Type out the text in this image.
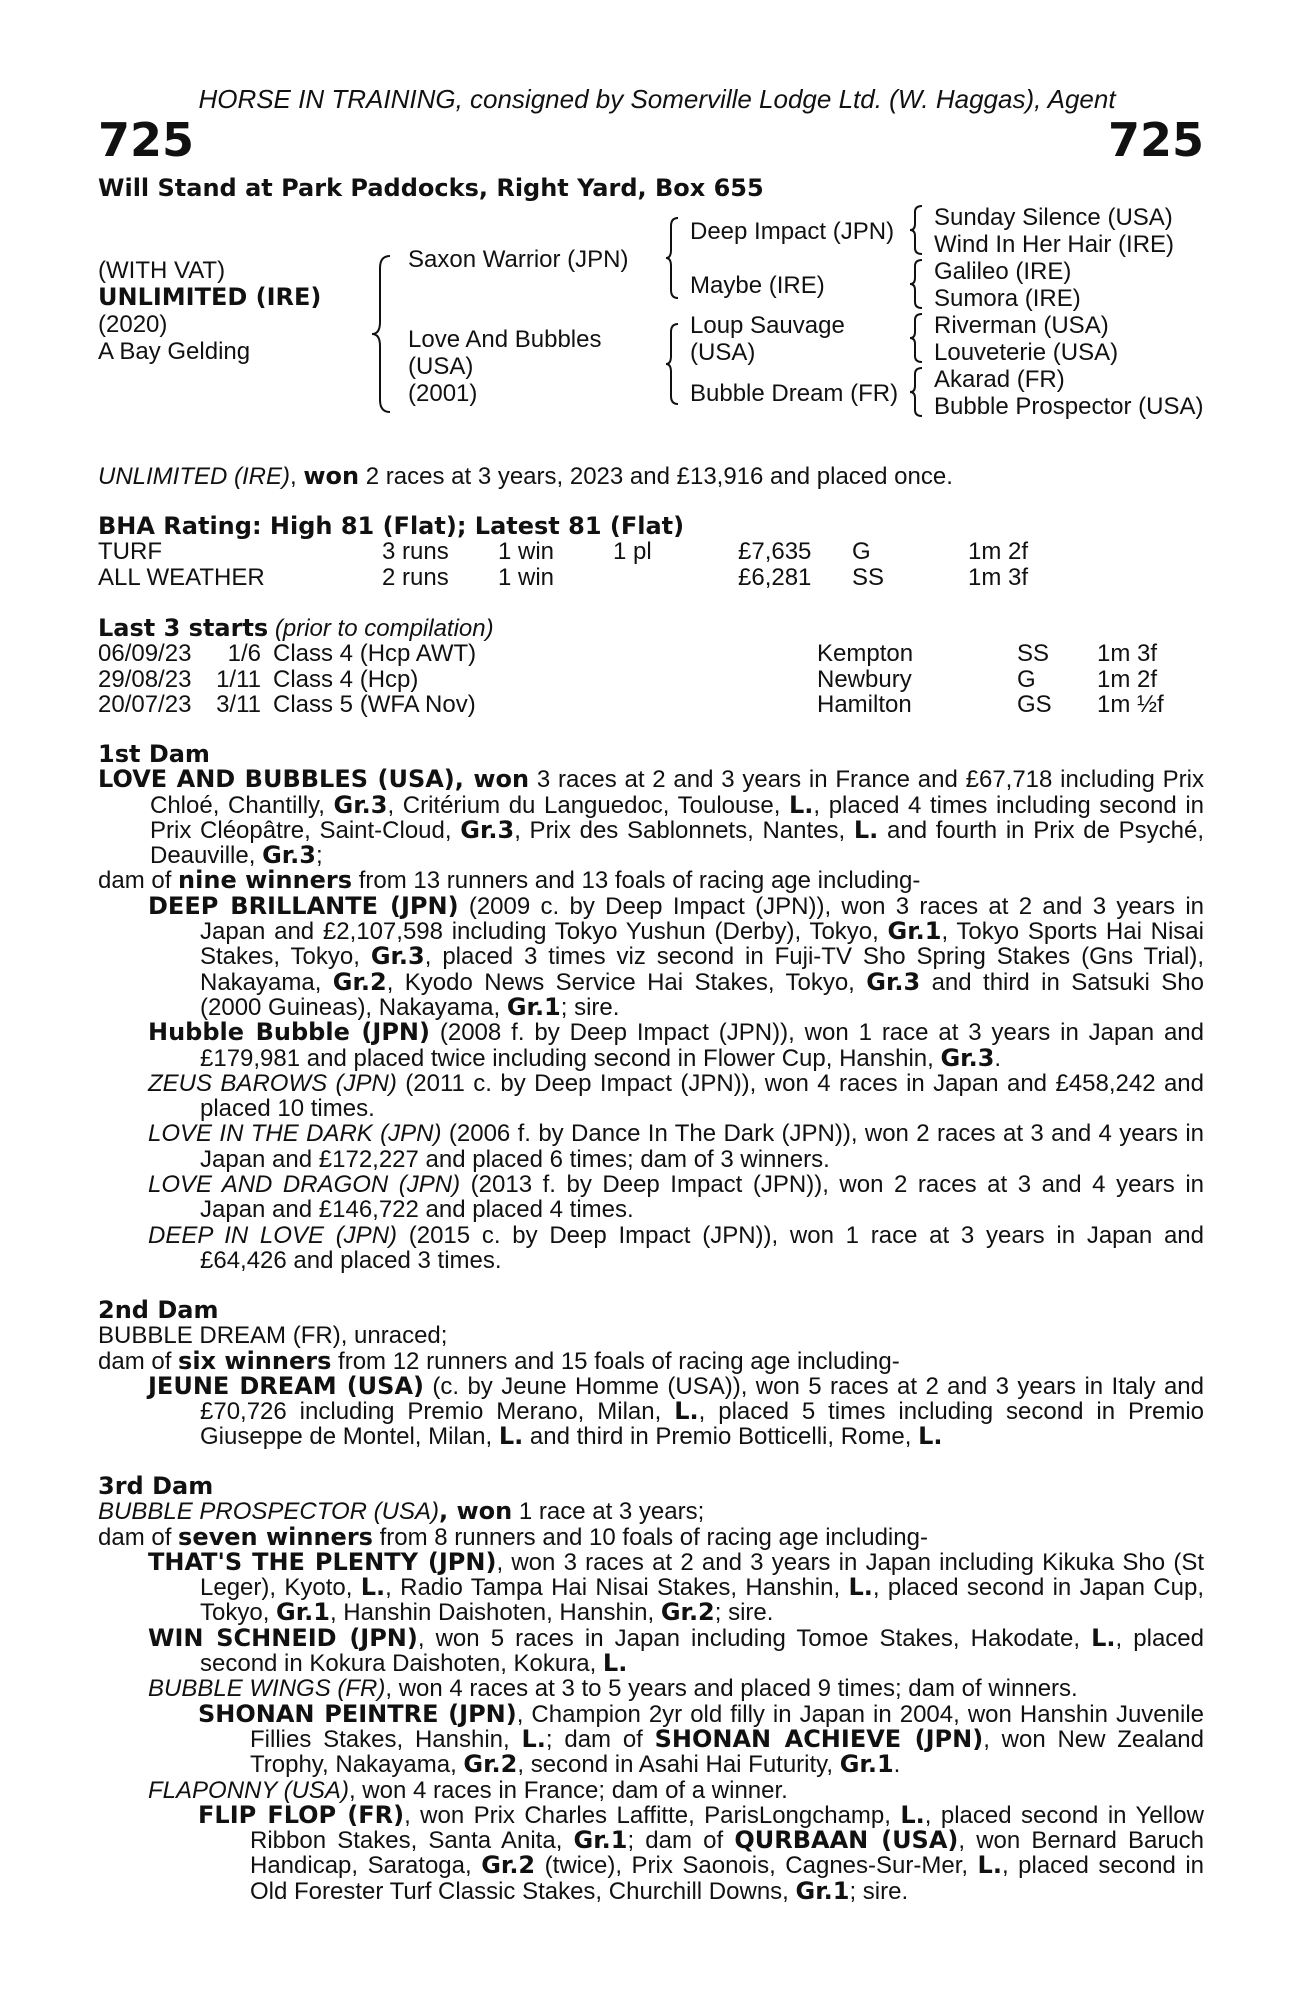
HORSE IN TRAINING, consigned by Somerville Lodge Ltd. (W. Haggas), Agent
725	725
Will Stand at Park Paddocks, Right Yard, Box 655
(WITH VAT)
UNLIMITED (IRE)
(2020)
A Bay Gelding
Saxon Warrior (JPN)
Love And Bubbles
(USA)
(2001)
Deep Impact (JPN)
Maybe (IRE)
Loup Sauvage
(USA)
Bubble Dream (FR)
Sunday Silence (USA)
Wind In Her Hair (IRE)
Galileo (IRE)
Sumora (IRE)
Riverman (USA)
Louveterie (USA)
Akarad (FR)
Bubble Prospector (USA)
UNLIMITED (IRE), won 2 races at 3 years, 2023 and £13,916 and placed once.
BHA Rating: High 81 (Flat); Latest 81 (Flat)
TURF	3 runs	1 win	1 pl	£7,635	G	1m 2f
ALL WEATHER	2 runs	1 win		£6,281	SS	1m 3f
Last 3 starts (prior to compilation)
06/09/23	1/6	Class 4 (Hcp AWT)	Kempton	SS	1m 3f
29/08/23	1/11	Class 4 (Hcp)	Newbury	G	1m 2f
20/07/23	3/11	Class 5 (WFA Nov)	Hamilton	GS	1m ½f
1st Dam

LOVE AND BUBBLES (USA), won 3 races at 2 and 3 years in France and £67,718 including Prix Chloé, Chantilly, Gr.3, Critérium du Languedoc, Toulouse, L., placed 4 times including second in Prix Cléopâtre, Saint-Cloud, Gr.3, Prix des Sablonnets, Nantes, L. and fourth in Prix de Psyché, Deauville, Gr.3;

dam of nine winners from 13 runners and 13 foals of racing age including-

DEEP BRILLANTE (JPN) (2009 c. by Deep Impact (JPN)), won 3 races at 2 and 3 years in Japan and £2,107,598 including Tokyo Yushun (Derby), Tokyo, Gr.1, Tokyo Sports Hai Nisai Stakes, Tokyo, Gr.3, placed 3 times viz second in Fuji-TV Sho Spring Stakes (Gns Trial), Nakayama, Gr.2, Kyodo News Service Hai Stakes, Tokyo, Gr.3 and third in Satsuki Sho (2000 Guineas), Nakayama, Gr.1; sire.

Hubble Bubble (JPN) (2008 f. by Deep Impact (JPN)), won 1 race at 3 years in Japan and £179,981 and placed twice including second in Flower Cup, Hanshin, Gr.3.

ZEUS BAROWS (JPN) (2011 c. by Deep Impact (JPN)), won 4 races in Japan and £458,242 and placed 10 times.

LOVE IN THE DARK (JPN) (2006 f. by Dance In The Dark (JPN)), won 2 races at 3 and 4 years in Japan and £172,227 and placed 6 times; dam of 3 winners.

LOVE AND DRAGON (JPN) (2013 f. by Deep Impact (JPN)), won 2 races at 3 and 4 years in Japan and £146,722 and placed 4 times.

DEEP IN LOVE (JPN) (2015 c. by Deep Impact (JPN)), won 1 race at 3 years in Japan and £64,426 and placed 3 times.

2nd Dam

BUBBLE DREAM (FR), unraced;

dam of six winners from 12 runners and 15 foals of racing age including-

JEUNE DREAM (USA) (c. by Jeune Homme (USA)), won 5 races at 2 and 3 years in Italy and £70,726 including Premio Merano, Milan, L., placed 5 times including second in Premio Giuseppe de Montel, Milan, L. and third in Premio Botticelli, Rome, L.

3rd Dam

BUBBLE PROSPECTOR (USA), won 1 race at 3 years;

dam of seven winners from 8 runners and 10 foals of racing age including-

THAT'S THE PLENTY (JPN), won 3 races at 2 and 3 years in Japan including Kikuka Sho (St Leger), Kyoto, L., Radio Tampa Hai Nisai Stakes, Hanshin, L., placed second in Japan Cup, Tokyo, Gr.1, Hanshin Daishoten, Hanshin, Gr.2; sire.

WIN SCHNEID (JPN), won 5 races in Japan including Tomoe Stakes, Hakodate, L., placed second in Kokura Daishoten, Kokura, L.

BUBBLE WINGS (FR), won 4 races at 3 to 5 years and placed 9 times; dam of winners.

SHONAN PEINTRE (JPN), Champion 2yr old filly in Japan in 2004, won Hanshin Juvenile Fillies Stakes, Hanshin, L.; dam of SHONAN ACHIEVE (JPN), won New Zealand Trophy, Nakayama, Gr.2, second in Asahi Hai Futurity, Gr.1.

FLAPONNY (USA), won 4 races in France; dam of a winner.

FLIP FLOP (FR), won Prix Charles Laffitte, ParisLongchamp, L., placed second in Yellow Ribbon Stakes, Santa Anita, Gr.1; dam of QURBAAN (USA), won Bernard Baruch Handicap, Saratoga, Gr.2 (twice), Prix Saonois, Cagnes-Sur-Mer, L., placed second in Old Forester Turf Classic Stakes, Churchill Downs, Gr.1; sire.
